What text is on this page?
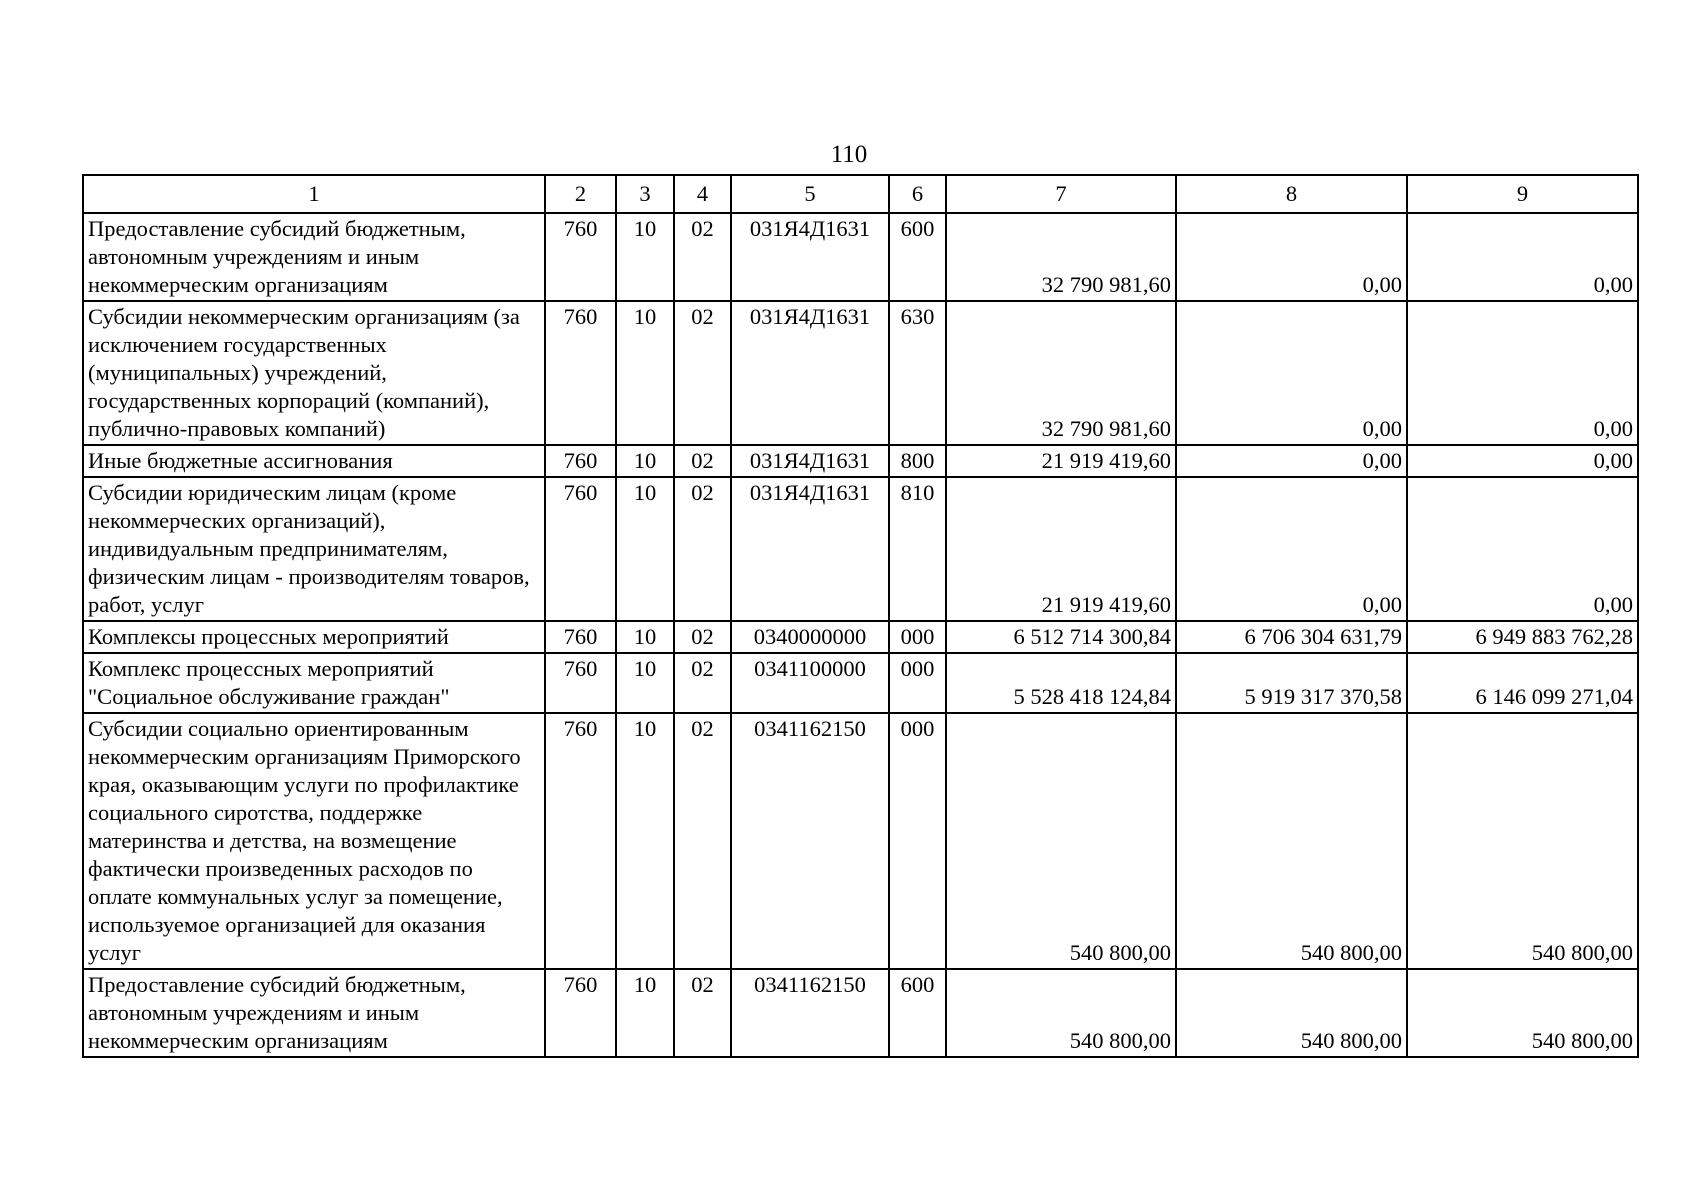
110
1	2	3	4	5	6	7	8	9
Предоставление субсидий бюджетным, автономным учреждениям и иным некоммерческим организациям	760	10	02	031Я4Д1631	600	32 790 981,60	0,00	0,00
Субсидии некоммерческим организациям (за исключением государственных (муниципальных) учреждений, государственных корпораций (компаний), публично-правовых компаний)	760	10	02	031Я4Д1631	630	32 790 981,60	0,00	0,00
Иные бюджетные ассигнования	760	10	02	031Я4Д1631	800	21 919 419,60	0,00	0,00
Субсидии юридическим лицам (кроме некоммерческих организаций), индивидуальным предпринимателям, физическим лицам - производителям товаров, работ, услуг	760	10	02	031Я4Д1631	810	21 919 419,60	0,00	0,00
Комплексы процессных мероприятий	760	10	02	0340000000	000	6 512 714 300,84	6 706 304 631,79	6 949 883 762,28
Комплекс процессных мероприятий "Социальное обслуживание граждан"	760	10	02	0341100000	000	5 528 418 124,84	5 919 317 370,58	6 146 099 271,04
Субсидии социально ориентированным некоммерческим организациям Приморского края, оказывающим услуги по профилактике социального сиротства, поддержке материнства и детства, на возмещение фактически произведенных расходов по оплате коммунальных услуг за помещение, используемое организацией для оказания услуг	760	10	02	0341162150	000	540 800,00	540 800,00	540 800,00
Предоставление субсидий бюджетным, автономным учреждениям и иным некоммерческим организациям	760	10	02	0341162150	600	540 800,00	540 800,00	540 800,00
